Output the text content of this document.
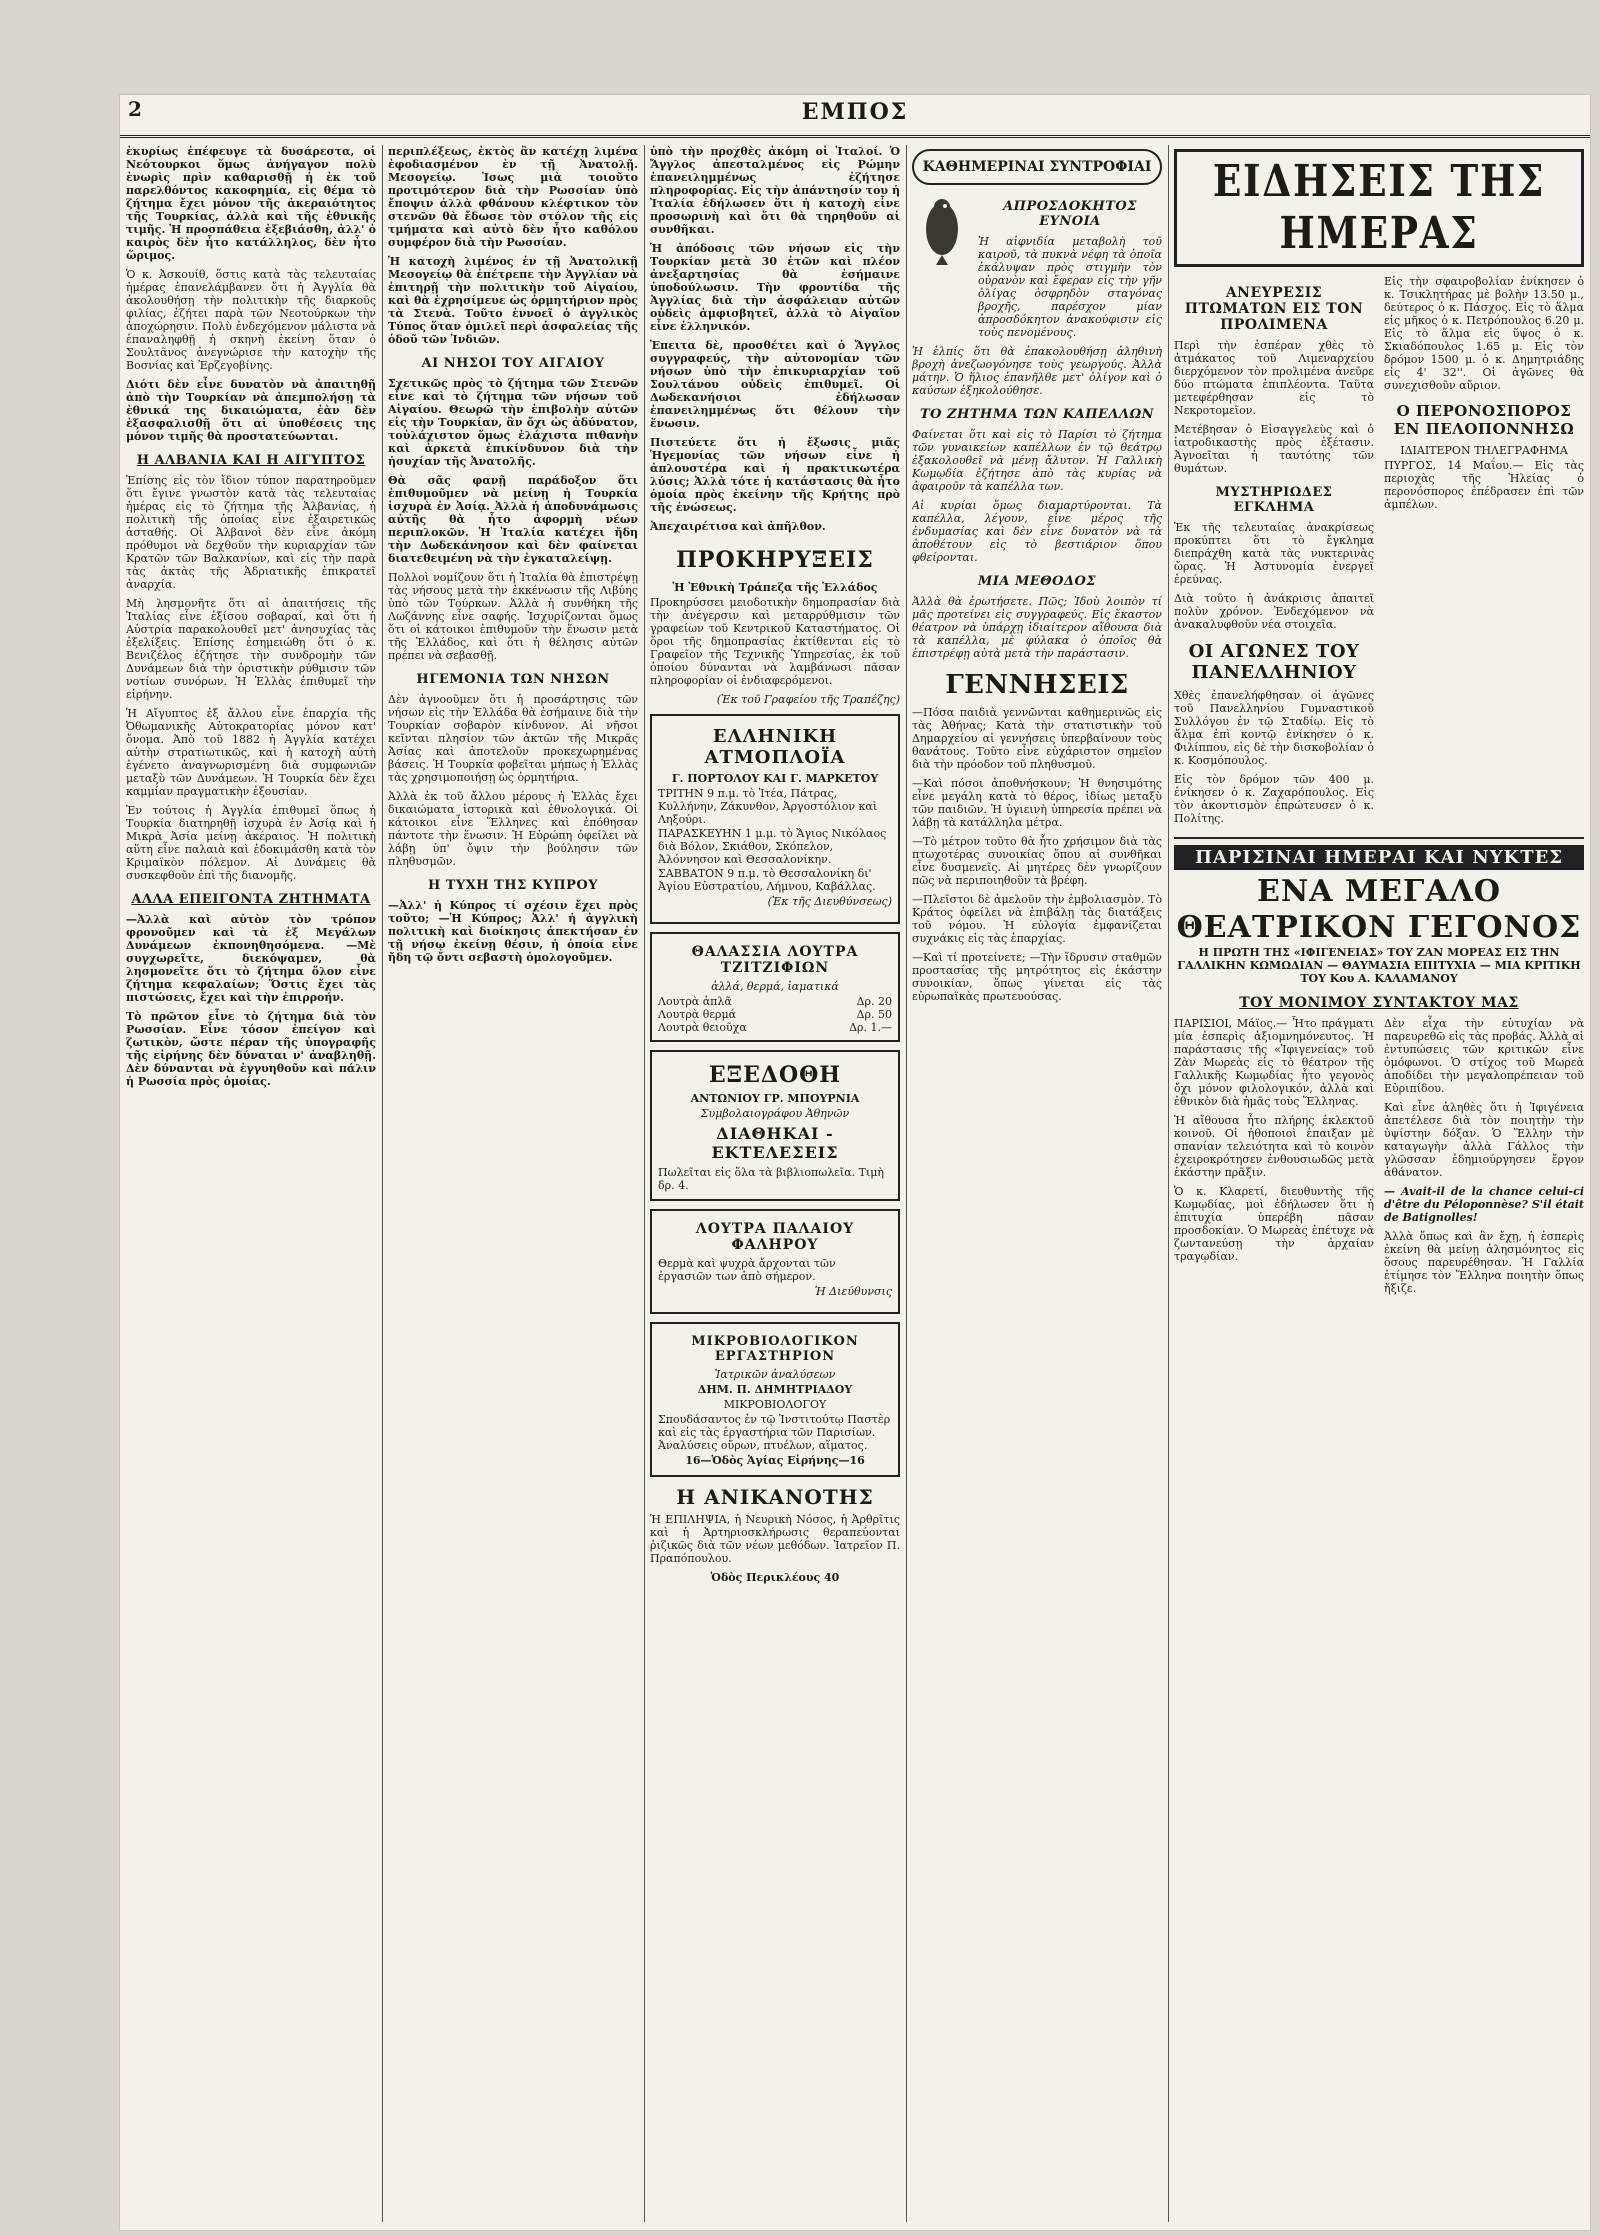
2	ΕΜΠΟΣ

ἐκυρίως ἐπέφευγε τὰ δυσάρεστα, οἱ Νεότουρκοι ὅμως ἀνήγαγον πολὺ ἐνωρὶς πρὶν καθαρισθῇ ἡ ἐκ τοῦ παρελθόντος κακοφημία, εἰς θέμα τὸ ζήτημα ἔχει μόνον τῆς ἀκεραιότητος τῆς Τουρκίας, ἀλλὰ καὶ τῆς ἐθνικῆς τιμῆς. Ἡ προσπάθεια ἐξεβιάσθη, ἀλλ' ὁ καιρὸς δὲν ἦτο κατάλληλος, δὲν ἦτο ὥριμος.

Ὁ κ. Ἀσκουίθ, ὅστις κατὰ τὰς τελευταίας ἡμέρας ἐπανελάμβανεν ὅτι ἡ Ἀγγλία θὰ ἀκολουθήσῃ τὴν πολιτικὴν τῆς διαρκοῦς φιλίας, ἐζήτει παρὰ τῶν Νεοτούρκων τὴν ἀποχώρησιν. Πολὺ ἐνδεχόμενον μάλιστα νὰ ἐπαναληφθῇ ἡ σκηνὴ ἐκείνη ὅταν ὁ Σουλτᾶνος ἀνεγνώρισε τὴν κατοχὴν τῆς Βοσνίας καὶ Ἐρζεγοβίνης.

Διότι δὲν εἶνε δυνατὸν νὰ ἀπαιτηθῇ ἀπὸ τὴν Τουρκίαν νὰ ἀπεμπολήσῃ τὰ ἐθνικά της δικαιώματα, ἐὰν δὲν ἐξασφαλισθῇ ὅτι αἱ ὑποθέσεις της μόνον τιμῆς θὰ προστατεύωνται.

Η ΑΛΒΑΝΙΑ ΚΑΙ Η ΑΙΓΥΠΤΟΣ

Ἐπίσης εἰς τὸν ἴδιον τύπον παρατηροῦμεν ὅτι ἔγινε γνωστὸν κατὰ τὰς τελευταίας ἡμέρας εἰς τὸ ζήτημα τῆς Ἀλβανίας, ἡ πολιτικὴ τῆς ὁποίας εἶνε ἐξαιρετικῶς ἀσταθής. Οἱ Ἀλβανοὶ δὲν εἶνε ἀκόμη πρόθυμοι νὰ δεχθοῦν τὴν κυριαρχίαν τῶν Κρατῶν τῶν Βαλκανίων, καὶ εἰς τὴν παρὰ τὰς ἀκτὰς τῆς Ἀδριατικῆς ἐπικρατεῖ ἀναρχία.

Μὴ λησμονῆτε ὅτι αἱ ἀπαιτήσεις τῆς Ἰταλίας εἶνε ἐξίσου σοβαραί, καὶ ὅτι ἡ Αὐστρία παρακολουθεῖ μετ' ἀνησυχίας τὰς ἐξελίξεις. Ἐπίσης ἐσημειώθη ὅτι ὁ κ. Βενιζέλος ἐζήτησε τὴν συνδρομὴν τῶν Δυνάμεων διὰ τὴν ὁριστικὴν ρύθμισιν τῶν νοτίων συνόρων. Ἡ Ἑλλὰς ἐπιθυμεῖ τὴν εἰρήνην.

Ἡ Αἴγυπτος ἐξ ἄλλου εἶνε ἐπαρχία τῆς Ὀθωμανικῆς Αὐτοκρατορίας μόνον κατ' ὄνομα. Ἀπὸ τοῦ 1882 ἡ Ἀγγλία κατέχει αὐτὴν στρατιωτικῶς, καὶ ἡ κατοχὴ αὐτὴ ἐγένετο ἀναγνωρισμένη διὰ συμφωνιῶν μεταξὺ τῶν Δυνάμεων. Ἡ Τουρκία δὲν ἔχει καμμίαν πραγματικὴν ἐξουσίαν.

Ἐν τούτοις ἡ Ἀγγλία ἐπιθυμεῖ ὅπως ἡ Τουρκία διατηρηθῇ ἰσχυρὰ ἐν Ἀσίᾳ καὶ ἡ Μικρὰ Ἀσία μείνῃ ἀκέραιος. Ἡ πολιτικὴ αὕτη εἶνε παλαιὰ καὶ ἐδοκιμάσθη κατὰ τὸν Κριμαϊκὸν πόλεμον. Αἱ Δυνάμεις θὰ συσκεφθοῦν ἐπὶ τῆς διανομῆς.

ΑΛΛΑ ΕΠΕΙΓΟΝΤΑ ΖΗΤΗΜΑΤΑ

—Ἀλλὰ καὶ αὐτὸν τὸν τρόπον φρονοῦμεν καὶ τὰ ἐξ Μεγάλων Δυνάμεων ἐκπονηθησόμενα. —Μὲ συγχωρεῖτε, διεκόψαμεν, θὰ λησμονεῖτε ὅτι τὸ ζήτημα ὅλον εἶνε ζήτημα κεφαλαίων; Ὅστις ἔχει τὰς πιστώσεις, ἔχει καὶ τὴν ἐπιρροήν.

Τὸ πρῶτον εἶνε τὸ ζήτημα διὰ τὸν Ρωσσίαν. Εἶνε τόσον ἐπείγον καὶ ζωτικὸν, ὥστε πέραν τῆς ὑπογραφῆς τῆς εἰρήνης δὲν δύναται ν' ἀναβληθῇ. Δὲν δύνανται νὰ ἐγγυηθοῦν καὶ πάλιν ἡ Ρωσσία πρὸς ὁμοίας.

περιπλέξεως, ἐκτὸς ἂν κατέχῃ λιμένα ἐφοδιασμένον ἐν τῇ Ἀνατολῇ. Μεσογείῳ. Ἰσως μιὰ τοιοῦτο προτιμότερον διὰ τὴν Ρωσσίαν ὑπὸ ἔποψιν ἀλλὰ φθάνουν κλέφτικον τὸν στενῶν θὰ ἔδωσε τὸν στόλον τῆς εἰς τμήματα καὶ αὐτὸ δὲν ἦτο καθόλου συμφέρον διὰ τὴν Ρωσσίαν.

Ἡ κατοχὴ λιμένος ἐν τῇ Ἀνατολικῇ Μεσογείῳ θὰ ἐπέτρεπε τὴν Ἀγγλίαν νὰ ἐπιτηρῇ τὴν πολιτικὴν τοῦ Αἰγαίου, καὶ θὰ ἐχρησίμευε ὡς ὁρμητήριον πρὸς τὰ Στενὰ. Τοῦτο ἐννοεῖ ὁ ἀγγλικὸς Τύπος ὅταν ὁμιλεῖ περὶ ἀσφαλείας τῆς ὁδοῦ τῶν Ἰνδιῶν.

ΑΙ ΝΗΣΟΙ ΤΟΥ ΑΙΓΑΙΟΥ

Σχετικῶς πρὸς τὸ ζήτημα τῶν Στενῶν εἶνε καὶ τὸ ζήτημα τῶν νήσων τοῦ Αἰγαίου. Θεωρῶ τὴν ἐπιβολὴν αὐτῶν εἰς τὴν Τουρκίαν, ἂν ὄχι ὡς ἀδύνατον, τοὐλάχιστον ὅμως ἐλάχιστα πιθανὴν καὶ ἀρκετὰ ἐπικίνδυνον διὰ τὴν ἡσυχίαν τῆς Ἀνατολῆς.

Θὰ σᾶς φανῇ παράδοξον ὅτι ἐπιθυμοῦμεν νὰ μείνῃ ἡ Τουρκία ἰσχυρὰ ἐν Ἀσίᾳ. Ἀλλὰ ἡ ἀποδυνάμωσις αὐτῆς θὰ ἦτο ἀφορμὴ νέων περιπλοκῶν. Ἡ Ἰταλία κατέχει ἤδη τὴν Δωδεκάνησον καὶ δὲν φαίνεται διατεθειμένη νὰ τὴν ἐγκαταλείψῃ.

Πολλοὶ νομίζουν ὅτι ἡ Ἰταλία θὰ ἐπιστρέψῃ τὰς νήσους μετὰ τὴν ἐκκένωσιν τῆς Λιβύης ὑπὸ τῶν Τούρκων. Ἀλλὰ ἡ συνθήκη τῆς Λωζάννης εἶνε σαφής. Ἰσχυρίζονται ὅμως ὅτι οἱ κάτοικοι ἐπιθυμοῦν τὴν ἕνωσιν μετὰ τῆς Ἑλλάδος, καὶ ὅτι ἡ θέλησις αὐτῶν πρέπει νὰ σεβασθῇ.

ΗΓΕΜΟΝΙΑ ΤΩΝ ΝΗΣΩΝ

Δὲν ἀγνοοῦμεν ὅτι ἡ προσάρτησις τῶν νήσων εἰς τὴν Ἑλλάδα θὰ ἐσήμαινε διὰ τὴν Τουρκίαν σοβαρὸν κίνδυνον. Αἱ νῆσοι κεῖνται πλησίον τῶν ἀκτῶν τῆς Μικρᾶς Ἀσίας καὶ ἀποτελοῦν προκεχωρημένας βάσεις. Ἡ Τουρκία φοβεῖται μήπως ἡ Ἑλλὰς τὰς χρησιμοποιήσῃ ὡς ὁρμητήρια.

Ἀλλὰ ἐκ τοῦ ἄλλου μέρους ἡ Ἑλλὰς ἔχει δικαιώματα ἱστορικὰ καὶ ἐθνολογικά. Οἱ κάτοικοι εἶνε Ἕλληνες καὶ ἐπόθησαν πάντοτε τὴν ἕνωσιν. Ἡ Εὐρώπη ὀφείλει νὰ λάβῃ ὑπ' ὄψιν τὴν βούλησιν τῶν πληθυσμῶν.

Η ΤΥΧΗ ΤΗΣ ΚΥΠΡΟΥ

—Ἀλλ' ἡ Κύπρος τί σχέσιν ἔχει πρὸς τοῦτο; —Ἡ Κύπρος; Ἀλλ' ἡ ἀγγλικὴ πολιτικὴ καὶ διοίκησις ἀπεκτήσαν ἐν τῇ νήσῳ ἐκείνῃ θέσιν, ἡ ὁποία εἶνε ἤδη τῷ ὄντι σεβαστὴ ὁμολογοῦμεν.

ὑπὸ τὴν προχθὲς ἀκόμη οἱ Ἰταλοί. Ὁ Ἄγγλος ἀπεσταλμένος εἰς Ρώμην ἐπανειλημμένως ἐζήτησε πληροφορίας. Εἰς τὴν ἀπάντησίν του ἡ Ἰταλία ἐδήλωσεν ὅτι ἡ κατοχὴ εἶνε προσωρινὴ καὶ ὅτι θὰ τηρηθοῦν αἱ συνθῆκαι.

Ἡ ἀπόδοσις τῶν νήσων εἰς τὴν Τουρκίαν μετὰ 30 ἐτῶν καὶ πλέον ἀνεξαρτησίας θὰ ἐσήμαινε ὑποδούλωσιν. Τὴν φροντίδα τῆς Ἀγγλίας διὰ τὴν ἀσφάλειαν αὐτῶν οὐδεὶς ἀμφισβητεῖ, ἀλλὰ τὸ Αἰγαῖον εἶνε ἑλληνικόν.

Ἐπειτα δὲ, προσθέτει καὶ ὁ Ἄγγλος συγγραφεύς, τὴν αὐτονομίαν τῶν νήσων ὑπὸ τὴν ἐπικυριαρχίαν τοῦ Σουλτάνου οὐδεὶς ἐπιθυμεῖ. Οἱ Δωδεκανήσιοι ἐδήλωσαν ἐπανειλημμένως ὅτι θέλουν τὴν ἕνωσιν.

Πιστεύετε ὅτι ἡ ἔξωσις μιᾶς Ἡγεμονίας τῶν νήσων εἶνε ἡ ἀπλουστέρα καὶ ἡ πρακτικωτέρα λύσις; Ἀλλὰ τότε ἡ κατάστασις θὰ ἦτο ὁμοία πρὸς ἐκείνην τῆς Κρήτης πρὸ τῆς ἑνώσεως.

Ἀπεχαιρέτισα καὶ ἀπῆλθον.

ΠΡΟΚΗΡΥΞΕΙΣ
Ἡ Ἐθνικὴ Τράπεζα τῆς Ἑλλάδος

Προκηρύσσει μειοδοτικὴν δημοπρασίαν διὰ τὴν ἀνέγερσιν καὶ μεταρρύθμισιν τῶν γραφείων τοῦ Κεντρικοῦ Καταστήματος. Οἱ ὅροι τῆς δημοπρασίας ἐκτίθενται εἰς τὸ Γραφεῖον τῆς Τεχνικῆς Ὑπηρεσίας, ἐκ τοῦ ὁποίου δύνανται νὰ λαμβάνωσι πᾶσαν πληροφορίαν οἱ ἐνδιαφερόμενοι.

(Ἐκ τοῦ Γραφείου τῆς Τραπέζης)
ΕΛΛΗΝΙΚΗ ΑΤΜΟΠΛΟΪΑ
Γ. ΠΟΡΤΟΛΟΥ ΚΑΙ Γ. ΜΑΡΚΕΤΟΥ

ΤΡΙΤΗΝ 9 π.μ. τὸ Ἰτέα, Πάτρας, Κυλλήνην, Ζάκυνθον, Ἀργοστόλιον καὶ Ληξούρι.

ΠΑΡΑΣΚΕΥΗΝ 1 μ.μ. τὸ Ἄγιος Νικόλαος διὰ Βόλον, Σκιάθον, Σκόπελον, Ἀλόννησον καὶ Θεσσαλονίκην.

ΣΑΒΒΑΤΟΝ 9 π.μ. τὸ Θεσσαλονίκη δι' Ἀγίου Εὐστρατίου, Λήμνου, Καβάλλας.

(Ἐκ τῆς Διευθύνσεως)
ΘΑΛΑΣΣΙΑ ΛΟΥΤΡΑ ΤΖΙΤΖΙΦΙΩΝ
ἁλλά, θερμά, ἰαματικά
Λουτρὰ ἁπλᾶ	Δρ. 20
Λουτρὰ θερμά	Δρ. 50
Λουτρὰ θειοῦχα	Δρ. 1.—
ΕΞΕΔΟΘΗ
ΑΝΤΩΝΙΟΥ ΓΡ. ΜΠΟΥΡΝΙΑ
Συμβολαιογράφου Ἀθηνῶν
ΔΙΑΘΗΚΑΙ - ΕΚΤΕΛΕΣΕΙΣ

Πωλεῖται εἰς ὅλα τὰ βιβλιοπωλεῖα. Τιμὴ δρ. 4.

ΛΟΥΤΡΑ ΠΑΛΑΙΟΥ ΦΑΛΗΡΟΥ

Θερμὰ καὶ ψυχρὰ ἄρχονται τῶν ἐργασιῶν των ἀπὸ σήμερον.

Ἡ Διεύθυνσις
ΜΙΚΡΟΒΙΟΛΟΓΙΚΟΝ ΕΡΓΑΣΤΗΡΙΟΝ
Ἰατρικῶν ἀναλύσεων
ΔΗΜ. Π. ΔΗΜΗΤΡΙΑΔΟΥ
ΜΙΚΡΟΒΙΟΛΟΓΟΥ

Σπουδάσαντος ἐν τῷ Ἰνστιτούτῳ Παστὲρ καὶ εἰς τὰς ἐργαστήρια τῶν Παρισίων. Ἀναλύσεις οὔρων, πτυέλων, αἵματος.

16—Ὁδὸς Ἁγίας Εἰρήνης—16
Η ΑΝΙΚΑΝΟΤΗΣ

Ἡ ΕΠΙΛΗΨΙΑ, ἡ Νευρικὴ Νόσος, ἡ Ἀρθρῖτις καὶ ἡ Ἀρτηριοσκλήρωσις θεραπεύονται ῥιζικῶς διὰ τῶν νέων μεθόδων. Ἰατρεῖον Π. Πραπόπουλου.

Ὁδὸς Περικλέους 40
ΚΑΘΗΜΕΡΙΝΑΙ ΣΥΝΤΡΟΦΙΑΙ
ΑΠΡΟΣΔΟΚΗΤΟΣ ΕΥΝΟΙΑ

Ἡ αἰφνιδία μεταβολὴ τοῦ καιροῦ, τὰ πυκνὰ νέφη τὰ ὁποῖα ἐκάλυψαν πρὸς στιγμὴν τὸν οὐρανὸν καὶ ἔφεραν εἰς τὴν γῆν ὀλίγας ὀσφρηδὸν σταγόνας βροχῆς, παρέσχον μίαν ἀπροσδόκητον ἀνακούφισιν εἰς τοὺς πενομένους.

Ἡ ἐλπίς ὅτι θὰ ἐπακολουθήσῃ ἀληθινὴ βροχὴ ἀνεζωογόνησε τοὺς γεωργούς. Ἀλλὰ μάτην. Ὁ ἥλιος ἐπανῆλθε μετ' ὀλίγον καὶ ὁ καύσων ἐξηκολούθησε.

ΤΟ ΖΗΤΗΜΑ ΤΩΝ ΚΑΠΕΛΛΩΝ

Φαίνεται ὅτι καὶ εἰς τὸ Παρίσι τὸ ζήτημα τῶν γυναικείων καπέλλων ἐν τῷ θεάτρῳ ἐξακολουθεῖ νὰ μένῃ ἄλυτον. Ἡ Γαλλικὴ Κωμῳδία ἐζήτησε ἀπὸ τὰς κυρίας νὰ ἀφαιροῦν τὰ καπέλλα των.

Αἱ κυρίαι ὅμως διαμαρτύρονται. Τὰ καπέλλα, λέγουν, εἶνε μέρος τῆς ἐνδυμασίας καὶ δὲν εἶνε δυνατὸν νὰ τὰ ἀποθέτουν εἰς τὸ βεστιάριον ὅπου φθείρονται.

ΜΙΑ ΜΕΘΟΔΟΣ

Ἀλλὰ θὰ ἐρωτήσετε. Πῶς; Ἰδοὺ λοιπὸν τί μᾶς προτείνει εἰς συγγραφεύς. Εἰς ἕκαστον θέατρον νὰ ὑπάρχῃ ἰδιαίτερον αἴθουσα διὰ τὰ καπέλλα, μὲ φύλακα ὁ ὁποῖος θὰ ἐπιστρέφῃ αὐτὰ μετὰ τὴν παράστασιν.

ΓΕΝΝΗΣΕΙΣ

—Πόσα παιδιὰ γεννῶνται καθημερινῶς εἰς τὰς Ἀθήνας; Κατὰ τὴν στατιστικὴν τοῦ Δημαρχείου αἱ γεννήσεις ὑπερβαίνουν τοὺς θανάτους. Τοῦτο εἶνε εὐχάριστον σημεῖον διὰ τὴν πρόοδον τοῦ πληθυσμοῦ.

—Καὶ πόσοι ἀποθνήσκουν; Ἡ θνησιμότης εἶνε μεγάλη κατὰ τὸ θέρος, ἰδίως μεταξὺ τῶν παιδιῶν. Ἡ ὑγιεινὴ ὑπηρεσία πρέπει νὰ λάβῃ τὰ κατάλληλα μέτρα.

—Τὸ μέτρον τοῦτο θὰ ἦτο χρήσιμον διὰ τὰς πτωχοτέρας συνοικίας ὅπου αἱ συνθῆκαι εἶνε δυσμενεῖς. Αἱ μητέρες δὲν γνωρίζουν πῶς νὰ περιποιηθοῦν τὰ βρέφη.

—Πλεῖστοι δὲ ἀμελοῦν τὴν ἐμβολιασμὸν. Τὸ Κράτος ὀφείλει νὰ ἐπιβάλῃ τὰς διατάξεις τοῦ νόμου. Ἡ εὐλογία ἐμφανίζεται συχνάκις εἰς τὰς ἐπαρχίας.

—Καὶ τί προτείνετε; —Τὴν ἵδρυσιν σταθμῶν προστασίας τῆς μητρότητος εἰς ἑκάστην συνοικίαν, ὅπως γίνεται εἰς τὰς εὐρωπαϊκὰς πρωτευούσας.

ΕΙΔΗΣΕΙΣ ΤΗΣ ΗΜΕΡΑΣ
ΑΝΕΥΡΕΣΙΣ ΠΤΩΜΑΤΩΝ ΕΙΣ ΤΟΝ ΠΡΟΛΙΜΕΝΑ

Περὶ τὴν ἑσπέραν χθὲς τὸ ἀτμάκατος τοῦ Λιμεναρχείου διερχόμενον τὸν προλιμένα ἀνεῦρε δύο πτώματα ἐπιπλέοντα. Ταῦτα μετεφέρθησαν εἰς τὸ Νεκροτομεῖον.

Μετέβησαν ὁ Εἰσαγγελεὺς καὶ ὁ ἰατροδικαστὴς πρὸς ἐξέτασιν. Ἀγνοεῖται ἡ ταυτότης τῶν θυμάτων.

ΜΥΣΤΗΡΙΩΔΕΣ ΕΓΚΛΗΜΑ

Ἐκ τῆς τελευταίας ἀνακρίσεως προκύπτει ὅτι τὸ ἔγκλημα διεπράχθη κατὰ τὰς νυκτερινὰς ὥρας. Ἡ Ἀστυνομία ἐνεργεῖ ἐρεύνας.

Διὰ τοῦτο ἡ ἀνάκρισις ἀπαιτεῖ πολὺν χρόνον. Ἐνδεχόμενον νὰ ἀνακαλυφθοῦν νέα στοιχεῖα.

ΟΙ ΑΓΩΝΕΣ ΤΟΥ ΠΑΝΕΛΛΗΝΙΟΥ

Χθὲς ἐπανελήφθησαν οἱ ἀγῶνες τοῦ Πανελληνίου Γυμναστικοῦ Συλλόγου ἐν τῷ Σταδίῳ. Εἰς τὸ ἅλμα ἐπὶ κοντῷ ἐνίκησεν ὁ κ. Φιλίππου, εἰς δὲ τὴν δισκοβολίαν ὁ κ. Κοσμόπουλος.

Εἰς τὸν δρόμον τῶν 400 μ. ἐνίκησεν ὁ κ. Ζαχαρόπουλος. Εἰς τὸν ἀκοντισμὸν ἐπρώτευσεν ὁ κ. Πολίτης.

Εἰς τὴν σφαιροβολίαν ἐνίκησεν ὁ κ. Τσικλητήρας μὲ βολὴν 13.50 μ., δεύτερος ὁ κ. Πάσχος. Εἰς τὸ ἅλμα εἰς μῆκος ὁ κ. Πετρόπουλος 6.20 μ. Εἰς τὸ ἅλμα εἰς ὕψος ὁ κ. Σκιαδόπουλος 1.65 μ. Εἰς τὸν δρόμον 1500 μ. ὁ κ. Δημητριάδης εἰς 4' 32''. Οἱ ἀγῶνες θὰ συνεχισθοῦν αὔριον.

Ο ΠΕΡΟΝΟΣΠΟΡΟΣ ΕΝ ΠΕΛΟΠΟΝΝΗΣΩ
ΙΔΙΑΙΤΕΡΟΝ ΤΗΛΕΓΡΑΦΗΜΑ

ΠΥΡΓΟΣ, 14 Μαΐου.— Εἰς τὰς περιοχὰς τῆς Ἠλείας ὁ περονόσπορος ἐπέδρασεν ἐπὶ τῶν ἀμπέλων.

ΠΑΡΙΣΙΝΑΙ ΗΜΕΡΑΙ ΚΑΙ ΝΥΚΤΕΣ
ΕΝΑ ΜΕΓΑΛΟ ΘΕΑΤΡΙΚΟΝ ΓΕΓΟΝΟΣ

Η ΠΡΩΤΗ ΤΗΣ «ΙΦΙΓΕΝΕΙΑΣ» ΤΟΥ ΖΑΝ ΜΟΡΕΑΣ ΕΙΣ ΤΗΝ ΓΑΛΛΙΚΗΝ ΚΩΜΩΔΙΑΝ — ΘΑΥΜΑΣΙΑ ΕΠΙΤΥΧΙΑ — ΜΙΑ ΚΡΙΤΙΚΗ ΤΟΥ Κου Α. ΚΑΛΑΜΑΝΟΥ

ΤΟΥ ΜΟΝΙΜΟΥ ΣΥΝΤΑΚΤΟΥ ΜΑΣ

ΠΑΡΙΣΙΟΙ, Μάϊος.— Ἦτο πράγματι μία ἐσπερὶς ἀξιομνημόνευτος. Ἡ παράστασις τῆς «Ἰφιγενείας» τοῦ Ζὰν Μωρεὰς εἰς τὸ θέατρον τῆς Γαλλικῆς Κωμῳδίας ἦτο γεγονὸς ὄχι μόνον φιλολογικόν, ἀλλὰ καὶ ἐθνικὸν διὰ ἡμᾶς τοὺς Ἕλληνας.

Ἡ αἴθουσα ἦτο πλήρης ἐκλεκτοῦ κοινοῦ. Οἱ ἠθοποιοὶ ἐπαιξαν μὲ σπανίαν τελειότητα καὶ τὸ κοινὸν ἐχειροκρότησεν ἐνθουσιωδῶς μετὰ ἑκάστην πρᾶξιν.

Ὁ κ. Κλαρετί, διευθυντὴς τῆς Κωμῳδίας, μοὶ ἐδήλωσεν ὅτι ἡ ἐπιτυχία ὑπερέβη πᾶσαν προσδοκίαν. Ὁ Μωρεὰς ἐπέτυχε νὰ ζωντανεύσῃ τὴν ἀρχαίαν τραγῳδίαν.

Δὲν εἶχα τὴν εὐτυχίαν νὰ παρευρεθῶ εἰς τὰς προβάς. Ἀλλὰ αἱ ἐντυπώσεις τῶν κριτικῶν εἶνε ὁμόφωνοι. Ὁ στίχος τοῦ Μωρεὰ ἀποδίδει τὴν μεγαλοπρέπειαν τοῦ Εὐριπίδου.

Καὶ εἶνε ἀληθὲς ὅτι ἡ Ἰφιγένεια ἀπετέλεσε διὰ τὸν ποιητὴν τὴν ὑψίστην δόξαν. Ὁ Ἕλλην τὴν καταγωγὴν ἀλλὰ Γάλλος τὴν γλῶσσαν ἐδημιούργησεν ἔργον ἀθάνατον.

— Avait-il de la chance celui-ci d'être du Péloponnèse? S'il était de Batignolles!

Ἀλλὰ ὅπως καὶ ἂν ἔχῃ, ἡ ἐσπερὶς ἐκείνη θὰ μείνῃ ἀλησμόνητος εἰς ὅσους παρευρέθησαν. Ἡ Γαλλία ἐτίμησε τὸν Ἕλληνα ποιητὴν ὅπως ἤξιζε.
